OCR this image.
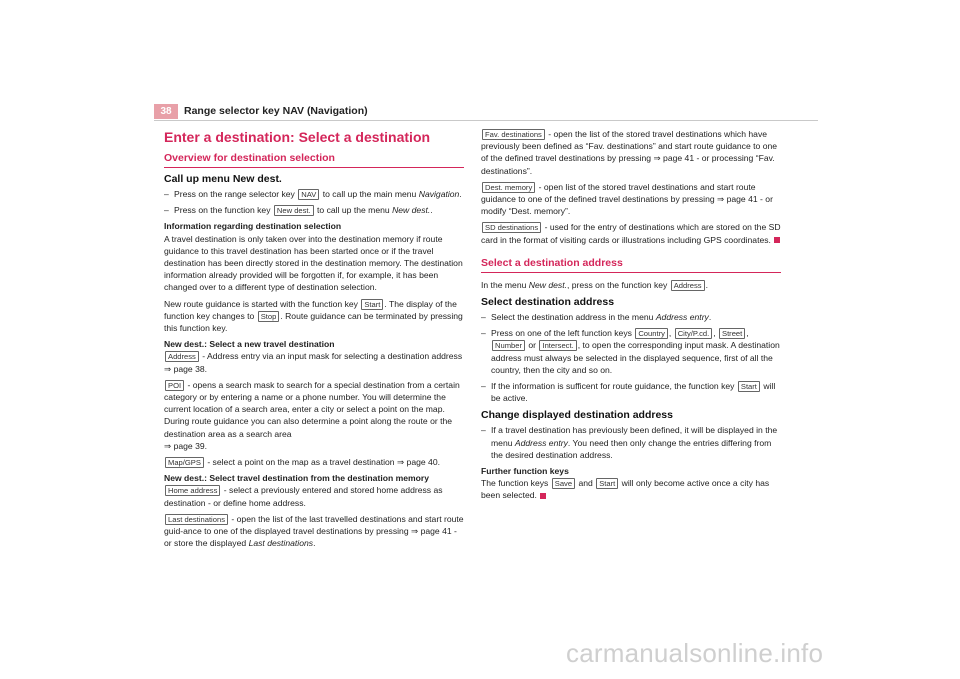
38	Range selector key NAV (Navigation)
Enter a destination: Select a destination
Overview for destination selection
Call up menu New dest.
– Press on the range selector key NAV to call up the main menu Navigation.
– Press on the function key New dest. to call up the menu New dest..
Information regarding destination selection

A travel destination is only taken over into the destination memory if route guidance to this travel destination has been started once or if the travel destination has been directly stored in the destination memory. The destination information already provided will be forgotten if, for example, it has been changed over to a different type of destination selection.

New route guidance is started with the function key Start . The display of the function key changes to Stop . Route guidance can be terminated by pressing this function key.

New dest.: Select a new travel destination

Address - Address entry via an input mask for selecting a destination address
⇒ page 38.

POI - opens a search mask to search for a special destination from a certain category or by entering a name or a phone number. You will determine the current location of a search area, enter a city or select a point on the map. During route guidance you can also determine a point along the route or the destination area as a search area
⇒ page 39.

Map/GPS - select a point on the map as a travel destination ⇒ page 40.

New dest.: Select travel destination from the destination memory

Home address - select a previously entered and stored home address as destination - or define home address.

Last destinations - open the list of the last travelled destinations and start route guid-ance to one of the displayed travel destinations by pressing ⇒ page 41 - or store the displayed Last destinations.

Fav. destinations - open the list of the stored travel destinations which have previously been defined as “Fav. destinations” and start route guidance to one of the defined travel destinations by pressing ⇒ page 41 - or processing “Fav. destinations”.

Dest. memory - open list of the stored travel destinations and start route guidance to one of the defined travel destinations by pressing ⇒ page 41 - or modify “Dest. memory”.

SD destinations - used for the entry of destinations which are stored on the SD card in the format of visiting cards or illustrations including GPS coordinates.

Select a destination address

In the menu New dest., press on the function key Address .

Select destination address
– Select the destination address in the menu Address entry.
– Press on one of the left function keys Country , City/P.cd. , Street , Number or Intersect. , to open the corresponding input mask. A destination address must always be selected in the displayed sequence, first of all the country, then the city and so on.
– If the information is sufficent for route guidance, the function key Start will be active.
Change displayed destination address
– If a travel destination has previously been defined, it will be displayed in the menu Address entry. You need then only change the entries differing from the desired destination address.
Further function keys

The function keys Save and Start will only become active once a city has been selected.

carmanualsonline.info
